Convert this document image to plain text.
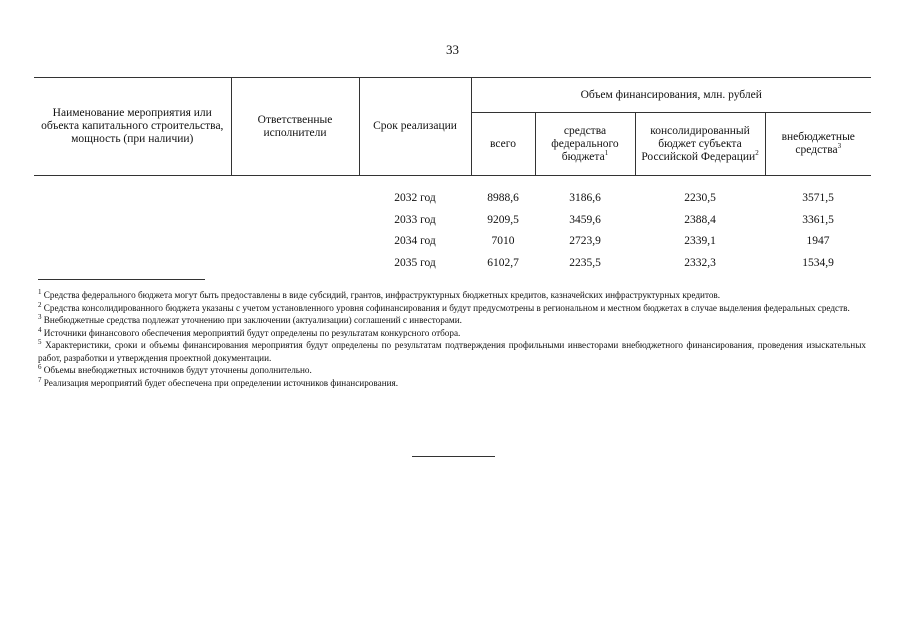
33
Наименование мероприятия или объекта капитального строительства, мощность (при наличии)	Ответственные исполнители	Срок реализации	Объем финансирования, млн. рублей			
			всего	средства федерального бюджета$^1$	консолидированный бюджет субъекта Российской Федерации$^2$	внебюджетные средства$^3$

		2032 год	8988,6	3186,6	2230,5	3571,5
		2033 год	9209,5	3459,6	2388,4	3361,5
		2034 год	7010	2723,9	2339,1	1947
		2035 год	6102,7	2235,5	2332,3	1534,9

$^1$ Средства федерального бюджета могут быть предоставлены в виде субсидий, грантов, инфраструктурных бюджетных кредитов, казначейских инфраструктурных кредитов.

$^2$ Средства консолидированного бюджета указаны с учетом установленного уровня софинансирования и будут предусмотрены в региональном и местном бюджетах в случае выделения федеральных средств.

$^3$ Внебюджетные средства подлежат уточнению при заключении (актуализации) соглашений с инвесторами.

$^4$ Источники финансового обеспечения мероприятий будут определены по результатам конкурсного отбора.

$^5$ Характеристики, сроки и объемы финансирования мероприятия будут определены по результатам подтверждения профильными инвесторами внебюджетного финансирования, проведения изыскательных работ, разработки и утверждения проектной документации.

$^6$ Объемы внебюджетных источников будут уточнены дополнительно.

$^7$ Реализация мероприятий будет обеспечена при определении источников финансирования.
